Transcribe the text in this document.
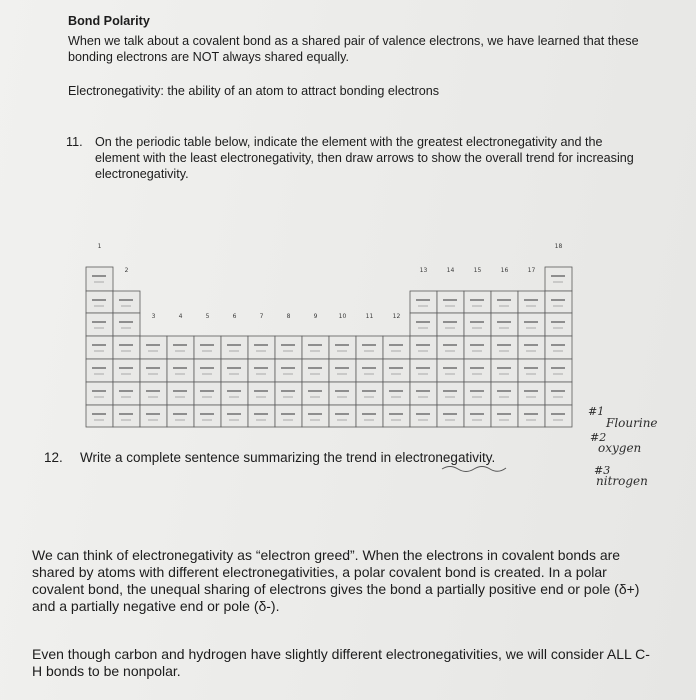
Bond Polarity
When we talk about a covalent bond as a shared pair of valence electrons, we have learned that these bonding electrons are NOT always shared equally.
Electronegativity: the ability of an atom to attract bonding electrons
11. On the periodic table below, indicate the element with the greatest electronegativity and the element with the least electronegativity, then draw arrows to show the overall trend for increasing electronegativity.
1
2
3	4	5	6	7	8	9	10	11	12
13	14	15	16	17
18
12. Write a complete sentence summarizing the trend in electronegativity.
#1
Flourine
#2
oxygen
#3
nitrogen
We can think of electronegativity as “electron greed”. When the electrons in covalent bonds are shared by atoms with different electronegativities, a polar covalent bond is created. In a polar covalent bond, the unequal sharing of electrons gives the bond a partially positive end or pole (δ+) and a partially negative end or pole (δ-).
Even though carbon and hydrogen have slightly different electronegativities, we will consider ALL C-H bonds to be nonpolar.
